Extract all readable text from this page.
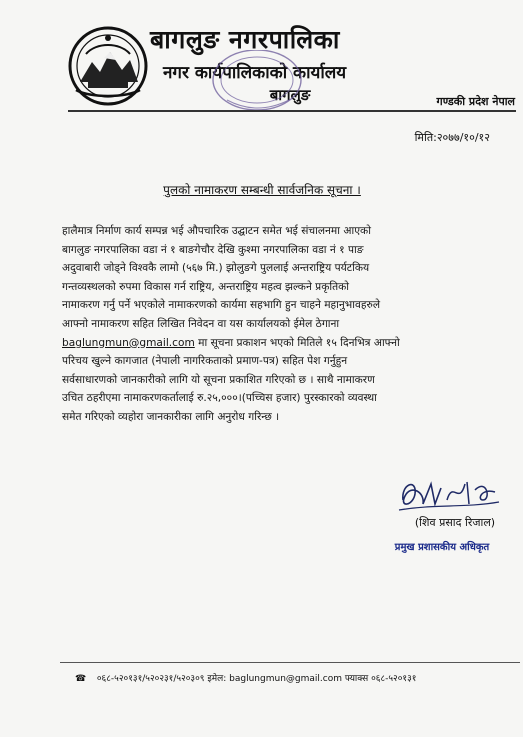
बागलुङ नगरपालिका
नगर कार्यपालिकाको कार्यालय
बागलुङ	गण्डकी प्रदेश नेपाल
मिति:२०७७/१०/१२
पुलको नामाकरण सम्बन्धी सार्वजनिक सूचना ।
हालैमात्र निर्माण कार्य सम्पन्न भई औपचारिक उद्घाटन समेत भई संचालनमा आएको
बागलुङ नगरपालिका वडा नं १ बाङगेचौर देखि कुश्मा नगरपालिका वडा नं १ पाङ
अदुवाबारी जोड्ने विश्वकै लामो (५६७ मि.) झोलुङगे पुललाई अन्तराष्ट्रिय पर्यटकिय
गन्तव्यस्थलको रुपमा विकास गर्न राष्ट्रिय, अन्तराष्ट्रिय महत्व झल्कने प्रकृतिको
नामाकरण गर्नु पर्ने भएकोले नामाकरणको कार्यमा सहभागि हुन चाहने महानुभावहरुले
आफ्नो नामाकरण सहित लिखित निवेदन वा यस कार्यालयको ईमेल ठेगाना
baglungmun@gmail.com मा सूचना प्रकाशन भएको मितिले १५ दिनभित्र आफ्नो
परिचय खुल्ने कागजात (नेपाली नागरिकताको प्रमाण-पत्र) सहित पेश गर्नुहुन
सर्वसाधारणको जानकारीको लागि यो सूचना प्रकाशित गरिएको छ । साथै नामाकरण
उचित ठहरीएमा नामाकरणकर्तालाई रु.२५,०००।(पच्चिस हजार) पुरस्कारको व्यवस्था
समेत गरिएको व्यहोरा जानकारीका लागि अनुरोध गरिन्छ ।
(शिव प्रसाद रिजाल)
प्रमुख प्रशासकीय अधिकृत
☎ ०६८-५२०१३१/५२०२३१/५२०३०९ इमेल: baglungmun@gmail.com फ्याक्स ०६८-५२०१३१
